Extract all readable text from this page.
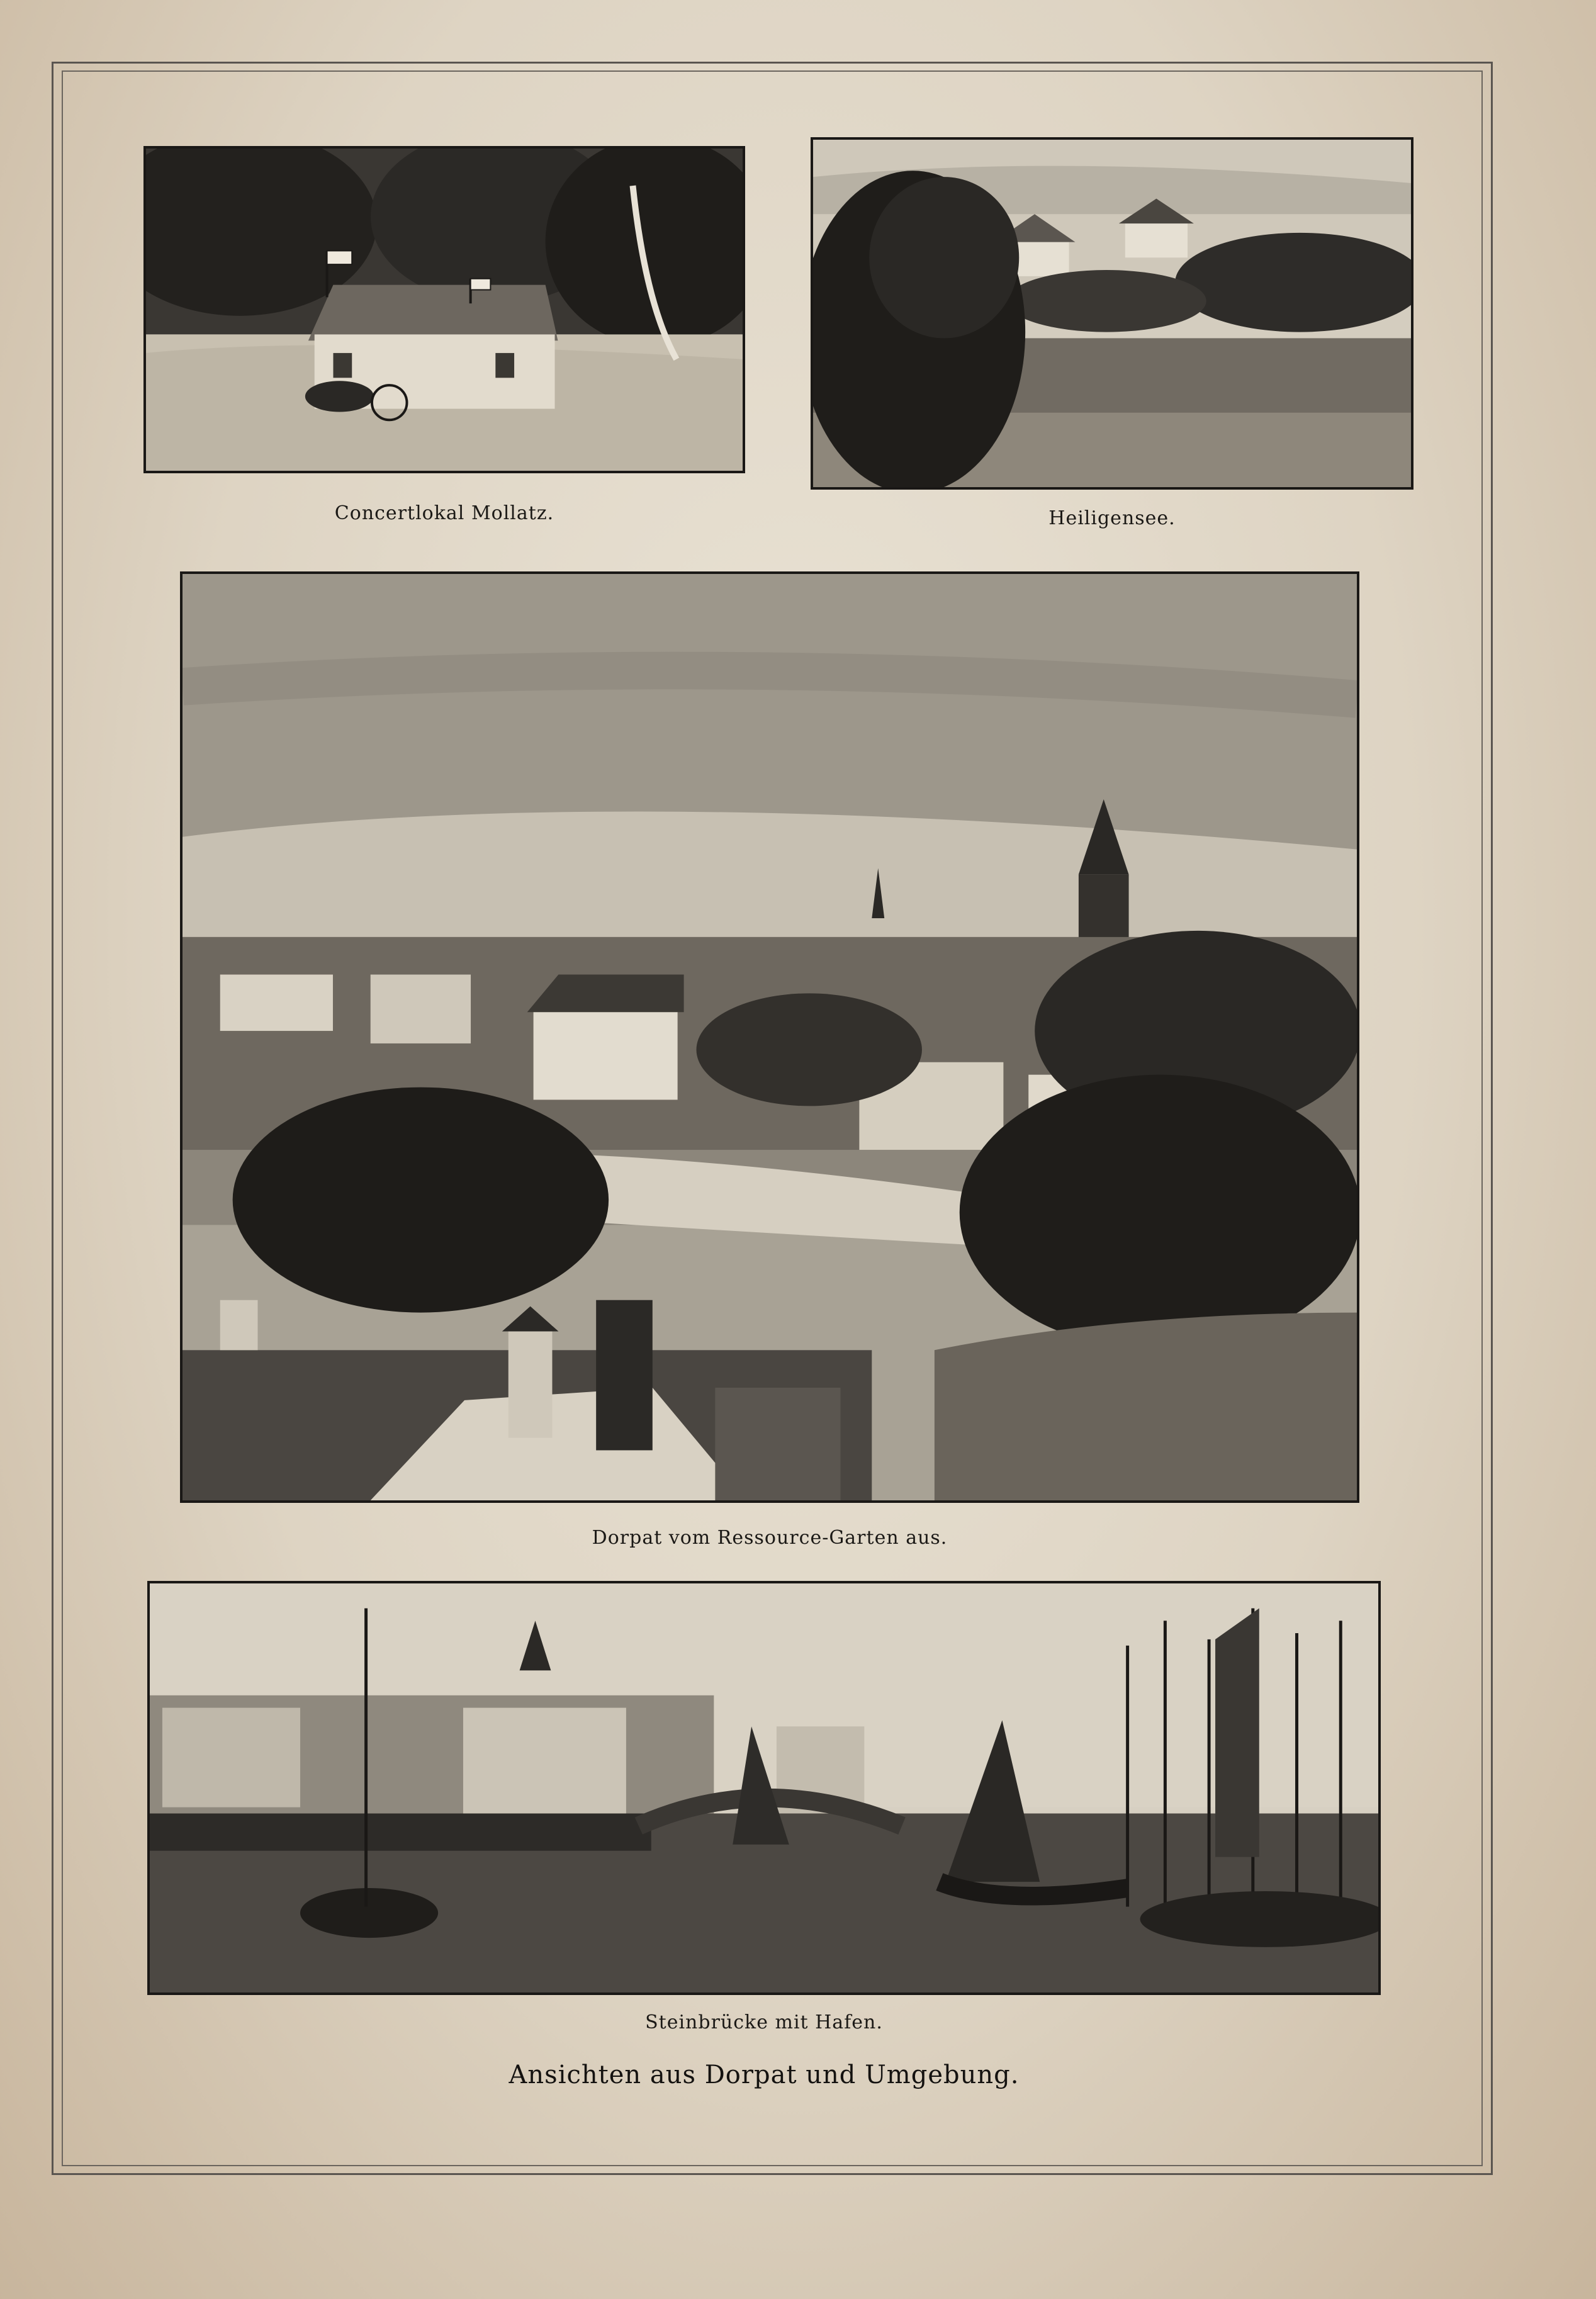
Concertlokal Mollatz.	Heiligensee.
Dorpat vom Ressource-Garten aus.
Steinbrücke mit Hafen.
Ansichten aus Dorpat und Umgebung.
